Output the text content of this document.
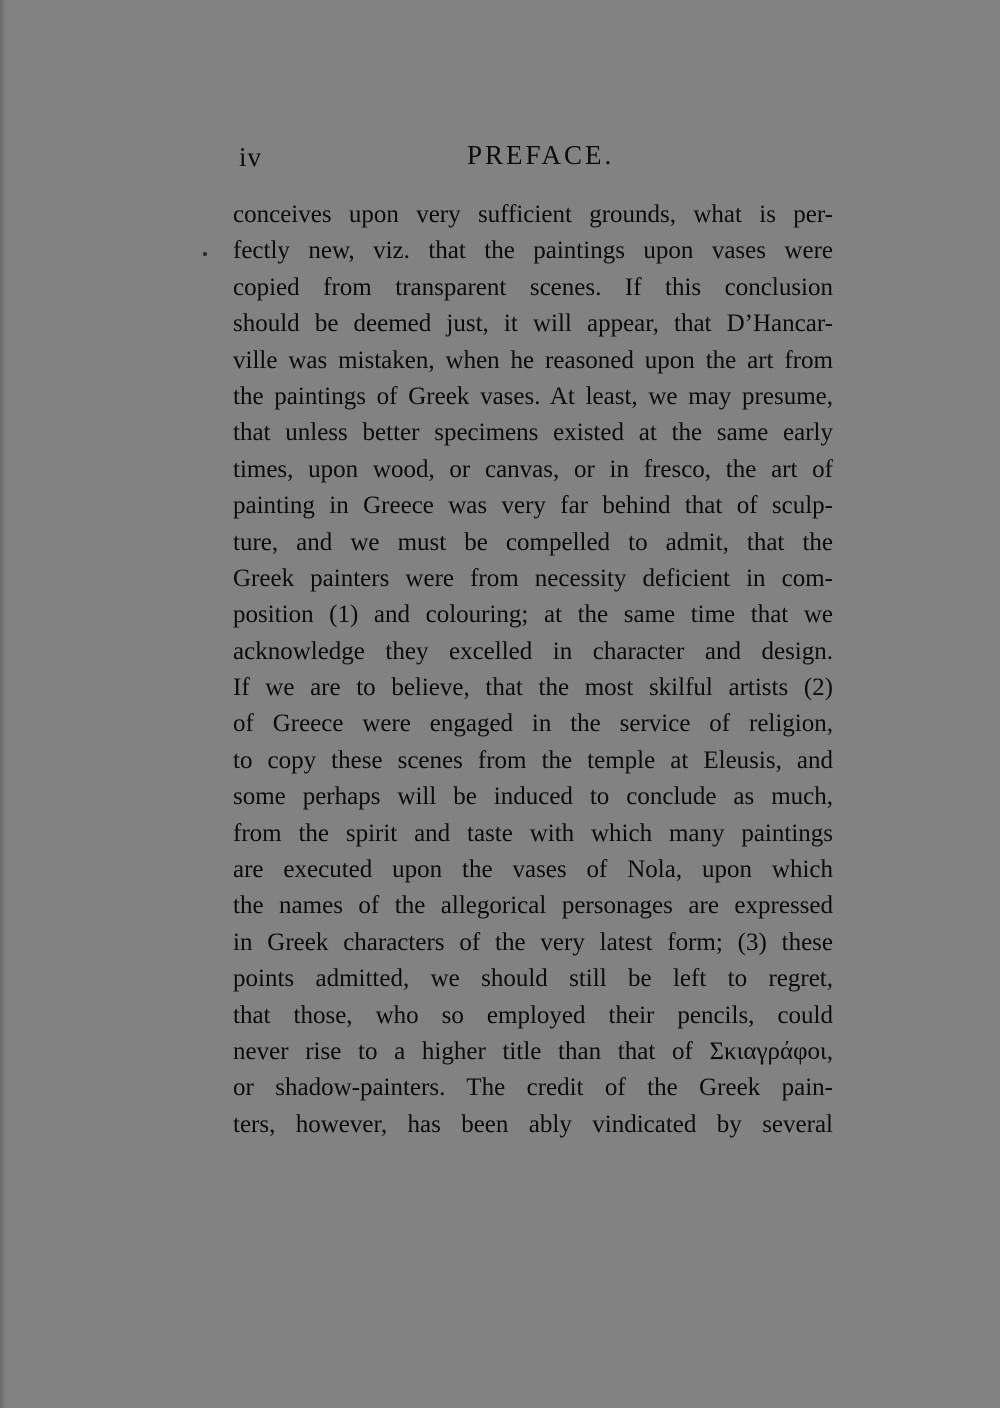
iv	PREFACE.
conceives upon very sufficient grounds, what is per-
fectly new, viz. that the paintings upon vases were
copied from transparent scenes. If this conclusion
should be deemed just, it will appear, that D’Hancar-
ville was mistaken, when he reasoned upon the art from
the paintings of Greek vases. At least, we may presume,
that unless better specimens existed at the same early
times, upon wood, or canvas, or in fresco, the art of
painting in Greece was very far behind that of sculp-
ture, and we must be compelled to admit, that the
Greek painters were from necessity deficient in com-
position (1) and colouring; at the same time that we
acknowledge they excelled in character and design.
If we are to believe, that the most skilful artists (2)
of Greece were engaged in the service of religion,
to copy these scenes from the temple at Eleusis, and
some perhaps will be induced to conclude as much,
from the spirit and taste with which many paintings
are executed upon the vases of Nola, upon which
the names of the allegorical personages are expressed
in Greek characters of the very latest form; (3) these
points admitted, we should still be left to regret,
that those, who so employed their pencils, could
never rise to a higher title than that of Σκιαγράφοι,
or shadow-painters. The credit of the Greek pain-
ters, however, has been ably vindicated by several
